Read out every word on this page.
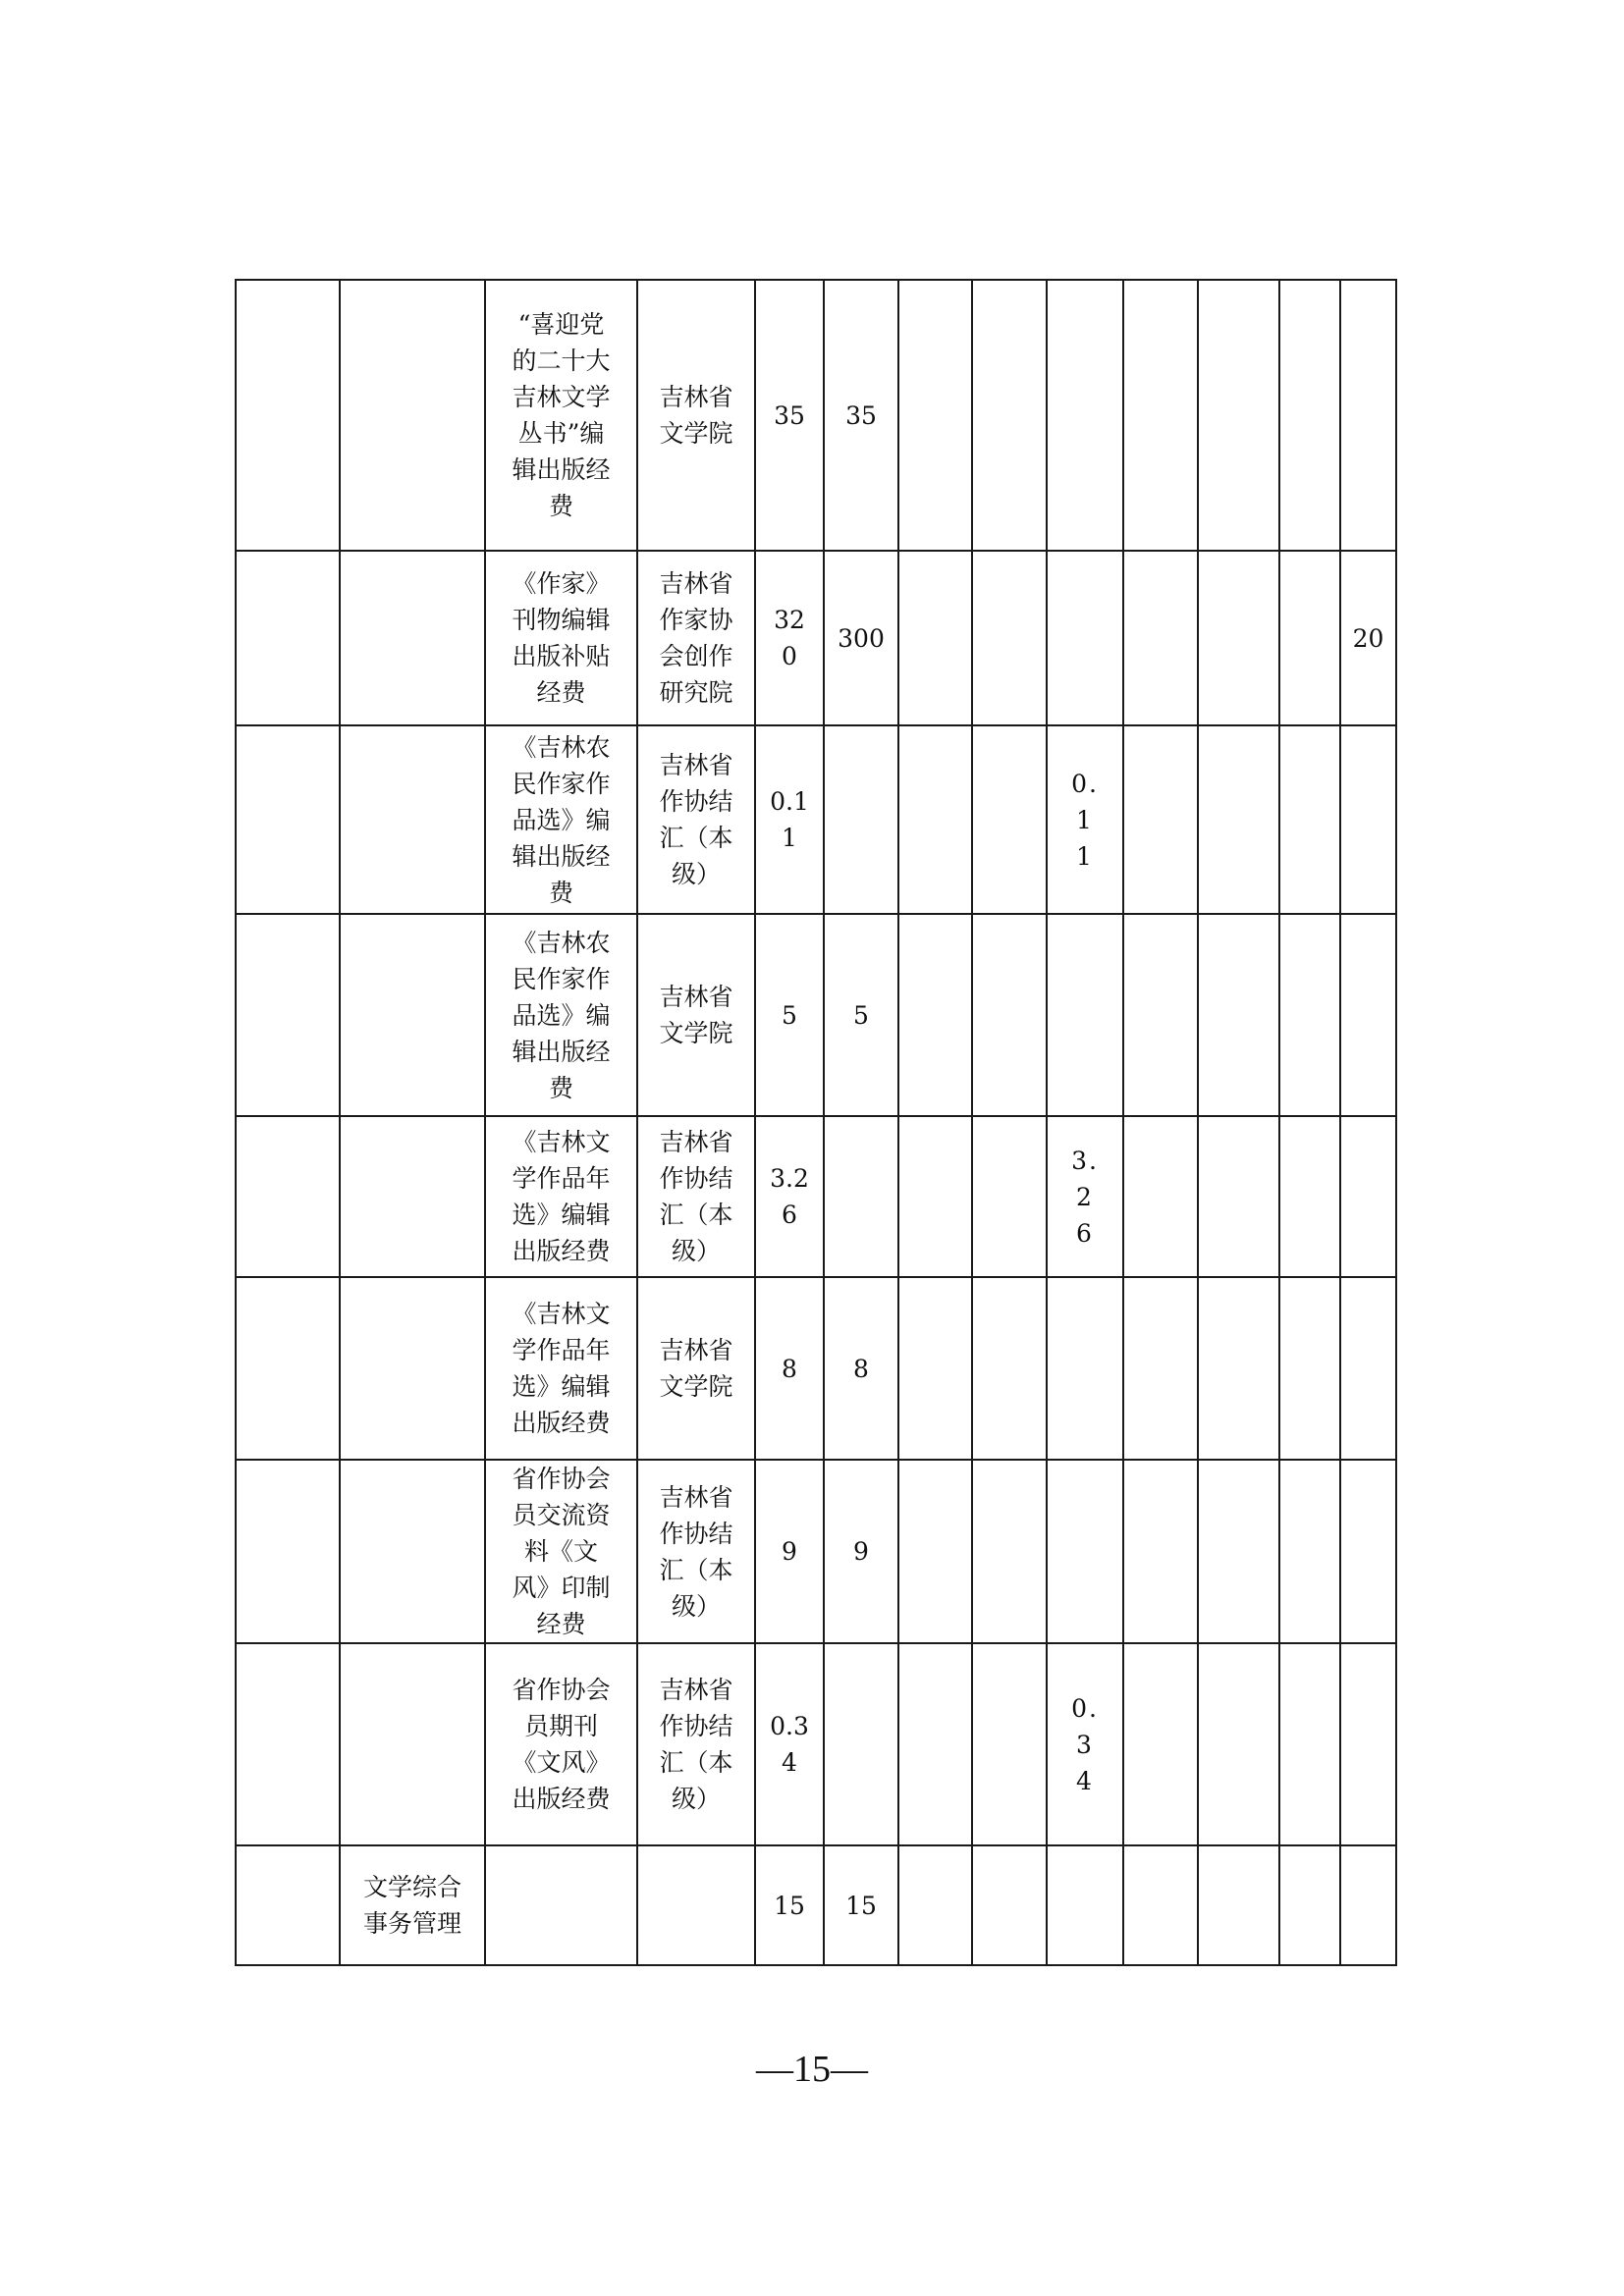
		“喜迎党的二十大吉林文学丛书”编辑出版经费	吉林省文学院	35	35							
		《作家》刊物编辑出版补贴经费	吉林省作家协会创作研究院	320	300							20
		《吉林农民作家作品选》编辑出版经费	吉林省作协结汇（本级）	0.11				0.11				
		《吉林农民作家作品选》编辑出版经费	吉林省文学院	5	5							
		《吉林文学作品年选》编辑出版经费	吉林省作协结汇（本级）	3.26				3.26				
		《吉林文学作品年选》编辑出版经费	吉林省文学院	8	8							
		省作协会员交流资料《文风》印制经费	吉林省作协结汇（本级）	9	9							
		省作协会员期刊《文风》出版经费	吉林省作协结汇（本级）	0.34				0.34				
	文学综合事务管理			15	15							
—15—
